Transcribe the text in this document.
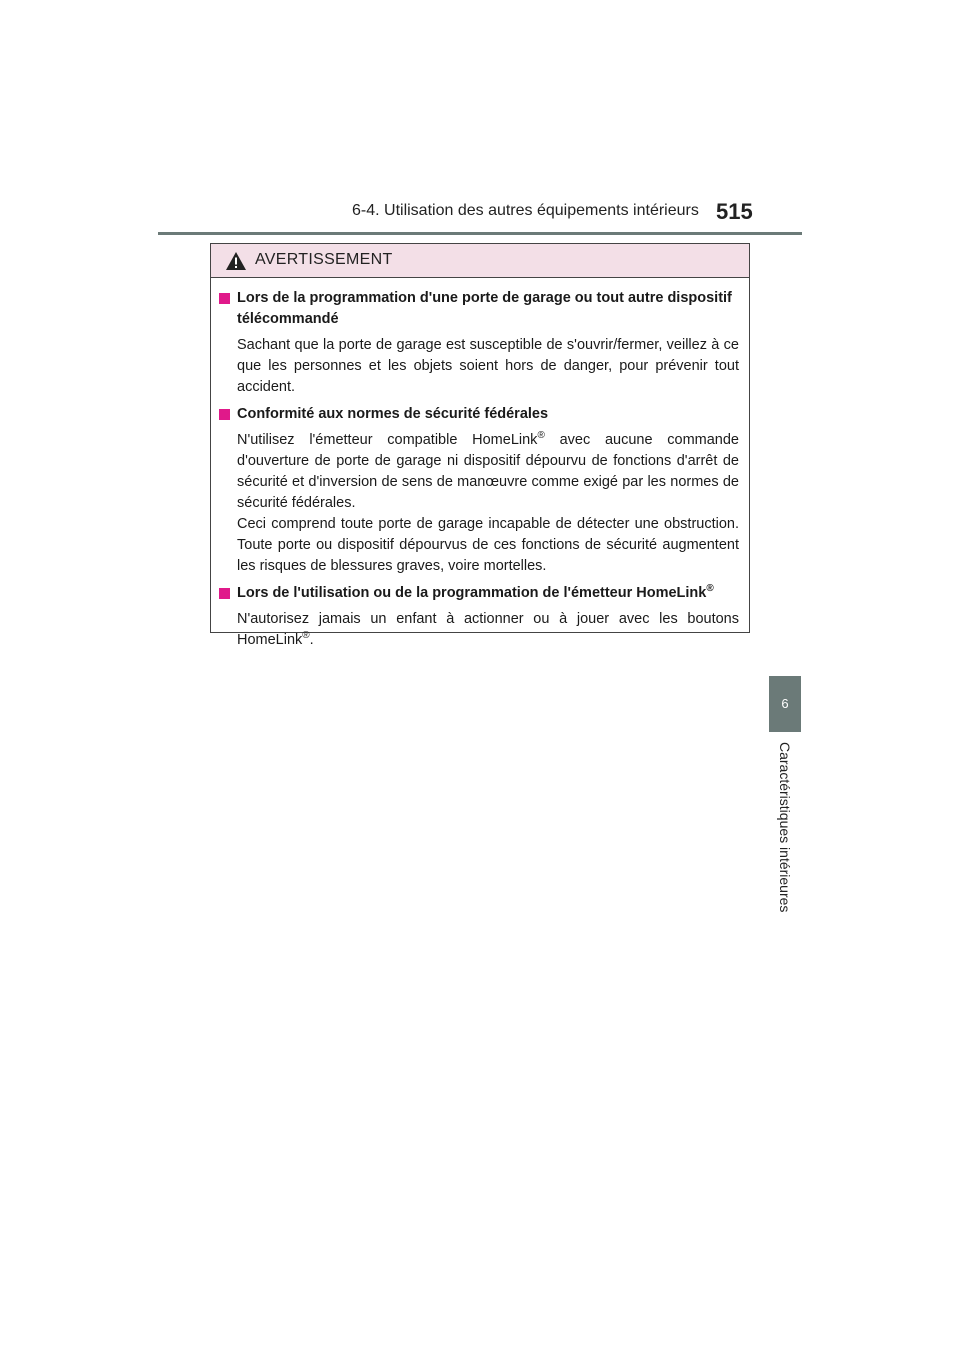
6-4. Utilisation des autres équipements intérieurs 515
6
Caractéristiques intérieures
AVERTISSEMENT
Lors de la programmation d'une porte de garage ou tout autre dispositif télécommandé
Sachant que la porte de garage est susceptible de s'ouvrir/fermer, veillez à ce que les personnes et les objets soient hors de danger, pour prévenir tout accident.
Conformité aux normes de sécurité fédérales
N'utilisez l'émetteur compatible HomeLink® avec aucune commande d'ouverture de porte de garage ni dispositif dépourvu de fonctions d'arrêt de sécurité et d'inversion de sens de manœuvre comme exigé par les normes de sécurité fédérales.
Ceci comprend toute porte de garage incapable de détecter une obstruction. Toute porte ou dispositif dépourvus de ces fonctions de sécurité augmentent les risques de blessures graves, voire mortelles.
Lors de l'utilisation ou de la programmation de l'émetteur HomeLink®
N'autorisez jamais un enfant à actionner ou à jouer avec les boutons HomeLink®.
